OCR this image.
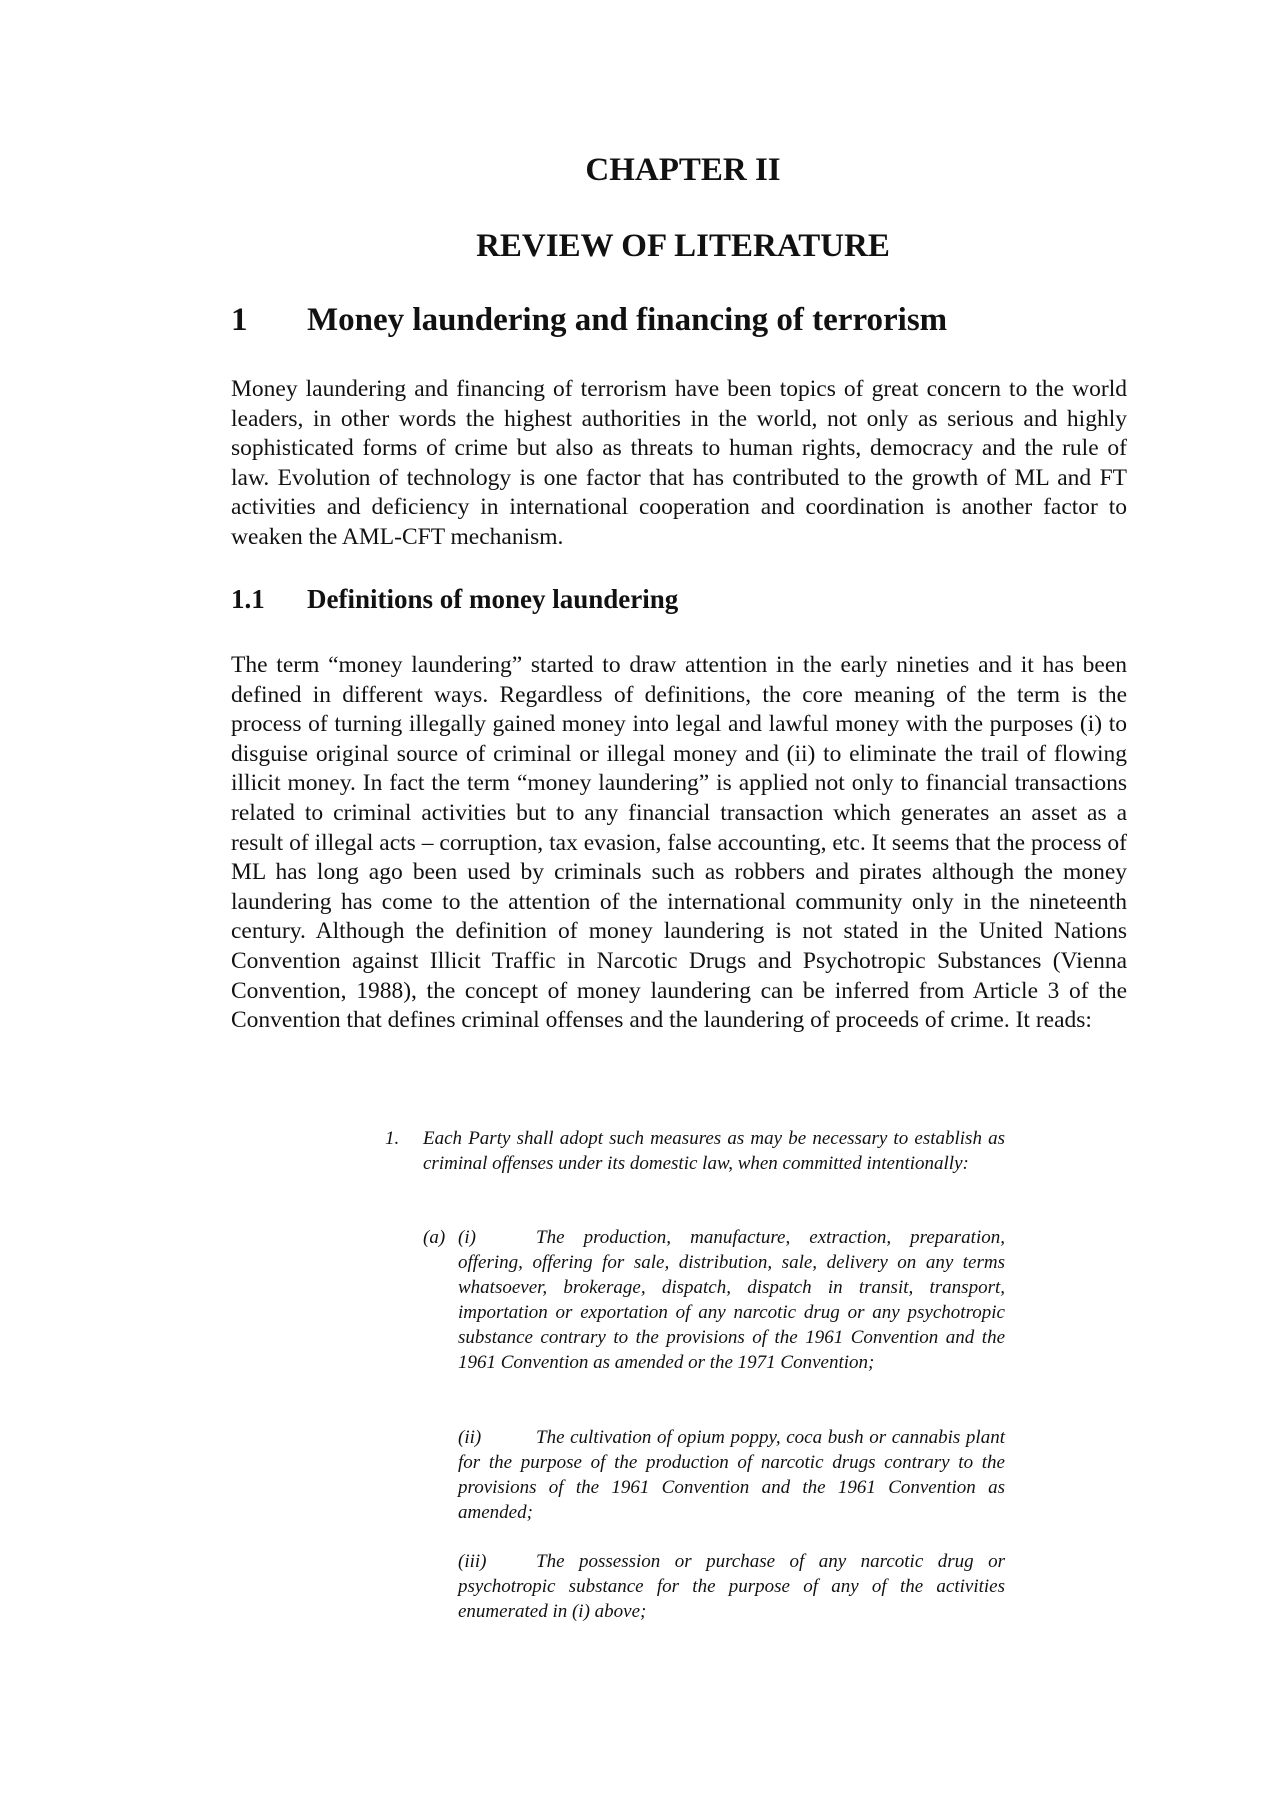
CHAPTER II
REVIEW OF LITERATURE
1 Money laundering and financing of terrorism

Money laundering and financing of terrorism have been topics of great concern to the world leaders, in other words the highest authorities in the world, not only as serious and highly sophisticated forms of crime but also as threats to human rights, democracy and the rule of law. Evolution of technology is one factor that has contributed to the growth of ML and FT activities and deficiency in international cooperation and coordination is another factor to weaken the AML-CFT mechanism.

1.1 Definitions of money laundering

The term “money laundering” started to draw attention in the early nineties and it has been defined in different ways. Regardless of definitions, the core meaning of the term is the process of turning illegally gained money into legal and lawful money with the purposes (i) to disguise original source of criminal or illegal money and (ii) to eliminate the trail of flowing illicit money. In fact the term “money laundering” is applied not only to financial transactions related to criminal activities but to any financial transaction which generates an asset as a result of illegal acts – corruption, tax evasion, false accounting, etc. It seems that the process of ML has long ago been used by criminals such as robbers and pirates although the money laundering has come to the attention of the international community only in the nineteenth century. Although the definition of money laundering is not stated in the United Nations Convention against Illicit Traffic in Narcotic Drugs and Psychotropic Substances (Vienna Convention, 1988), the concept of money laundering can be inferred from Article 3 of the Convention that defines criminal offenses and the laundering of proceeds of crime. It reads:

1. Each Party shall adopt such measures as may be necessary to establish as criminal offenses under its domestic law, when committed intentionally:
(a) (i)	The production, manufacture, extraction, preparation, offering, offering for sale, distribution, sale, delivery on any terms whatsoever, brokerage, dispatch, dispatch in transit, transport, importation or exportation of any narcotic drug or any psychotropic substance contrary to the provisions of the 1961 Convention and the 1961 Convention as amended or the 1971 Convention;
(ii)	The cultivation of opium poppy, coca bush or cannabis plant for the purpose of the production of narcotic drugs contrary to the provisions of the 1961 Convention and the 1961 Convention as amended;
(iii)	The possession or purchase of any narcotic drug or psychotropic substance for the purpose of any of the activities enumerated in (i) above;
